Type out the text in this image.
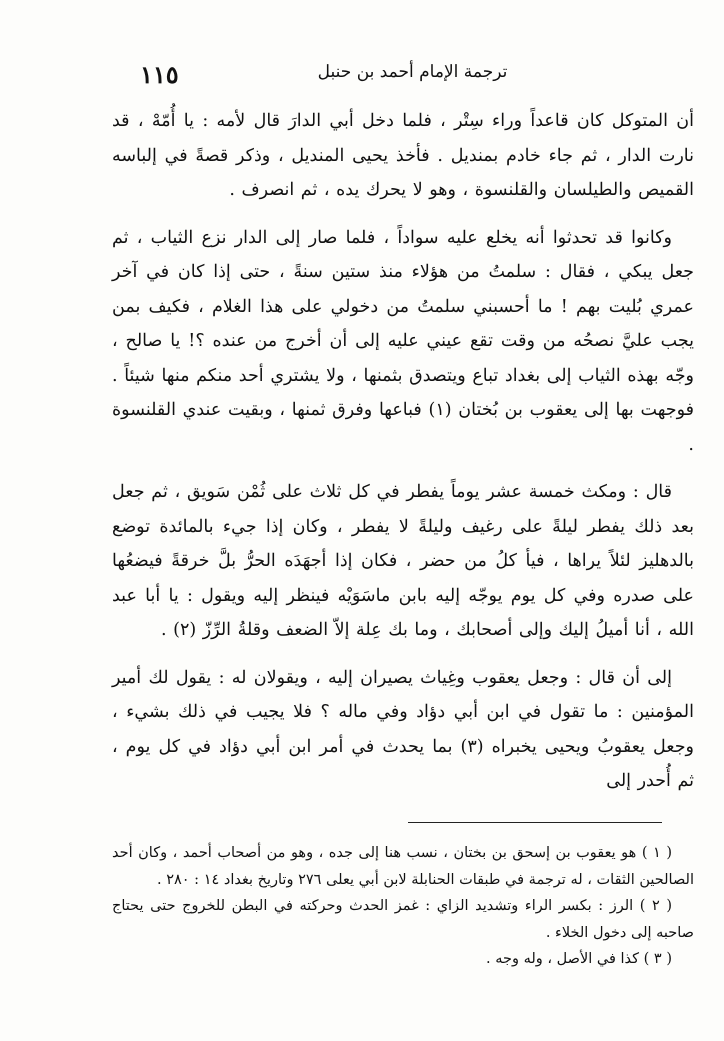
١١٥	ترجمة الإمام أحمد بن حنبل

أن المتوكل كان قاعداً وراء سِتْر ، فلما دخل أبي الدارَ قال لأمه : يا أُمّهْ ، قد نارت الدار ، ثم جاء خادم بمنديل . فأخذ يحيى المنديل ، وذكر قصةً في إلباسه القميص والطيلسان والقلنسوة ، وهو لا يحرك يده ، ثم انصرف .

وكانوا قد تحدثوا أنه يخلع عليه سواداً ، فلما صار إلى الدار نزع الثياب ، ثم جعل يبكي ، فقال : سلمتُ من هؤلاء منذ ستين سنةً ، حتى إذا كان في آخر عمري بُليت بهم ! ما أحسبني سلمتُ من دخولي على هذا الغلام ، فكيف بمن يجب عليَّ نصحُه من وقت تقع عيني عليه إلى أن أخرج من عنده ؟! يا صالح ، وجّه بهذه الثياب إلى بغداد تباع ويتصدق بثمنها ، ولا يشتري أحد منكم منها شيئاً . فوجهت بها إلى يعقوب بن بُختان (١) فباعها وفرق ثمنها ، وبقيت عندي القلنسوة .

قال : ومكث خمسة عشر يوماً يفطر في كل ثلاث على ثُمْن سَويق ، ثم جعل بعد ذلك يفطر ليلةً على رغيف وليلةً لا يفطر ، وكان إذا جيء بالمائدة توضع بالدهليز لئلاً يراها ، فيأ كلُ من حضر ، فكان إذا أجهَدَه الحرُّ بلَّ خرقةً فيضعُها على صدره وفي كل يوم يوجّه إليه بابن ماسَوَيْه فينظر إليه ويقول : يا أبا عبد الله ، أنا أميلُ إليك وإلى أصحابك ، وما بك عِلة إلاّ الضعف وقلةُ الرِّزّ (٢) .

إلى أن قال : وجعل يعقوب وغِياث يصيران إليه ، ويقولان له : يقول لك أمير المؤمنين : ما تقول في ابن أبي دؤاد وفي ماله ؟ فلا يجيب في ذلك بشيء ، وجعل يعقوبُ ويحيى يخبراه (٣) بما يحدث في أمر ابن أبي دؤاد في كل يوم ، ثم أُحدر إلى

( ١ ) هو يعقوب بن إسحق بن بختان ، نسب هنا إلى جده ، وهو من أصحاب أحمد ، وكان أحد الصالحين الثقات ، له ترجمة في طبقات الحنابلة لابن أبي يعلى ٢٧٦ وتاريخ بغداد ١٤ : ٢٨٠ .

( ٢ ) الرز : بكسر الراء وتشديد الزاي : غمز الحدث وحركته في البطن للخروج حتى يحتاج صاحبه إلى دخول الخلاء .

( ٣ ) كذا في الأصل ، وله وجه .
